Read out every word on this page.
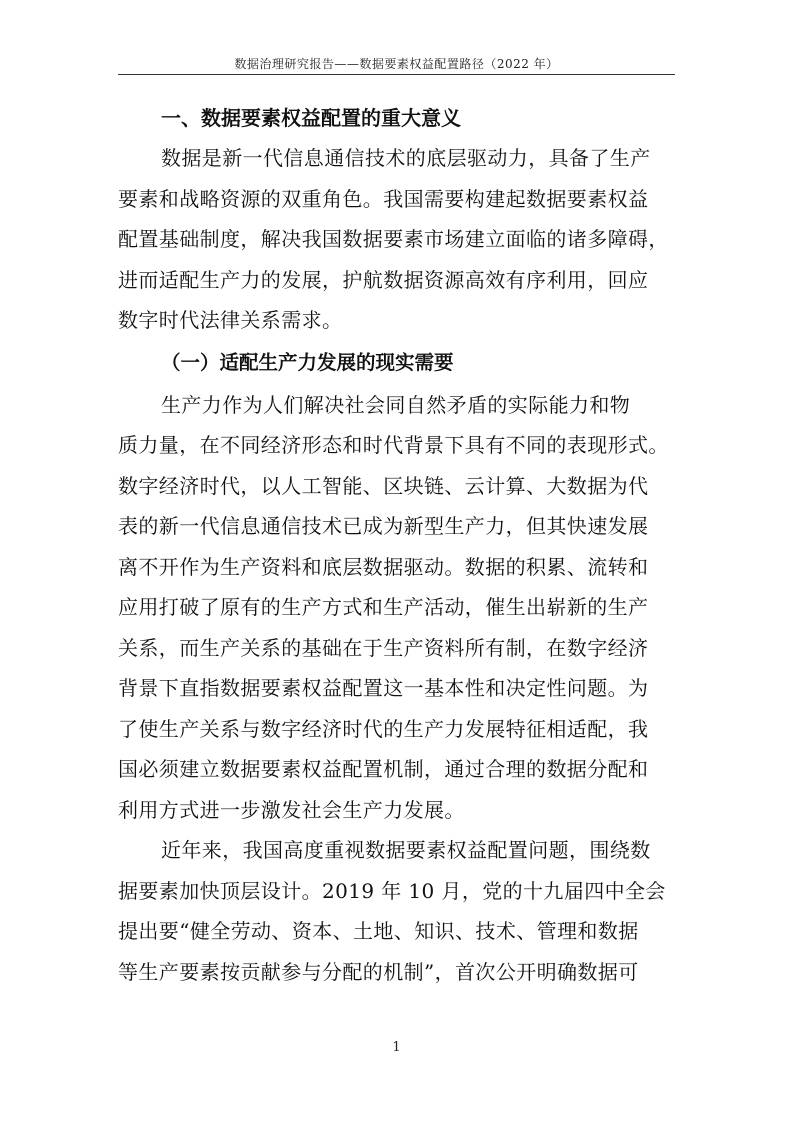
数据治理研究报告——数据要素权益配置路径（2022 年）
一、数据要素权益配置的重大意义
数据是新一代信息通信技术的底层驱动力，具备了生产
要素和战略资源的双重角色。我国需要构建起数据要素权益
配置基础制度，解决我国数据要素市场建立面临的诸多障碍，
进而适配生产力的发展，护航数据资源高效有序利用，回应
数字时代法律关系需求。
（一）适配生产力发展的现实需要
生产力作为人们解决社会同自然矛盾的实际能力和物
质力量，在不同经济形态和时代背景下具有不同的表现形式。
数字经济时代，以人工智能、区块链、云计算、大数据为代
表的新一代信息通信技术已成为新型生产力，但其快速发展
离不开作为生产资料和底层数据驱动。数据的积累、流转和
应用打破了原有的生产方式和生产活动，催生出崭新的生产
关系，而生产关系的基础在于生产资料所有制，在数字经济
背景下直指数据要素权益配置这一基本性和决定性问题。为
了使生产关系与数字经济时代的生产力发展特征相适配，我
国必须建立数据要素权益配置机制，通过合理的数据分配和
利用方式进一步激发社会生产力发展。
近年来，我国高度重视数据要素权益配置问题，围绕数
据要素加快顶层设计。2019 年 10 月，党的十九届四中全会
提出要“健全劳动、资本、土地、知识、技术、管理和数据
等生产要素按贡献参与分配的机制”，首次公开明确数据可
1
